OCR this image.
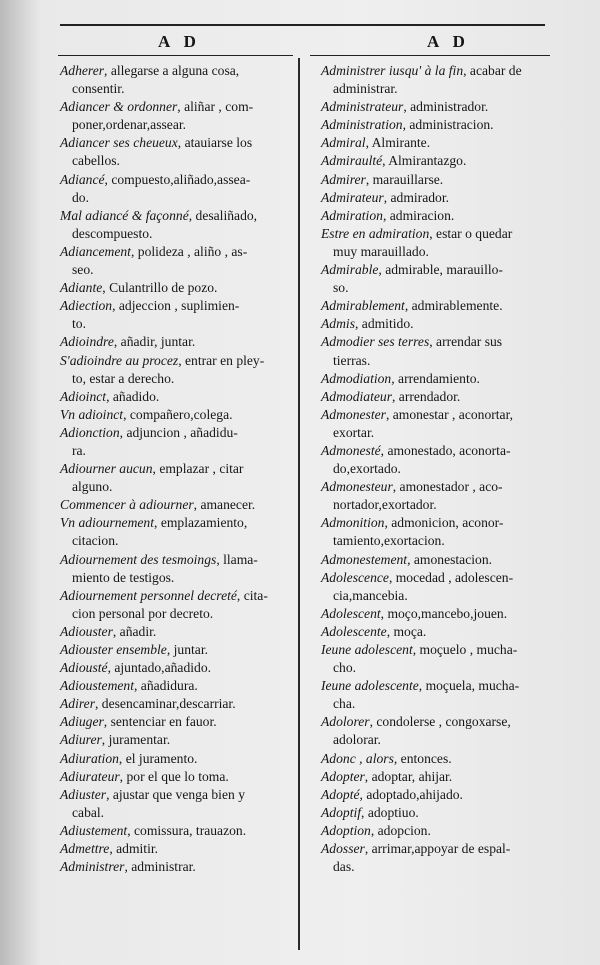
A D	A D
Adherer, allegarse a alguna cosa,
consentir.
Adiancer & ordonner, aliñar , com-
poner,ordenar,assear.
Adiancer ses cheueux, atauiarse los
cabellos.
Adiancé, compuesto,aliñado,assea-
do.
Mal adiancé & façonné, desaliñado,
descompuesto.
Adiancement, polideza , aliño , as-
seo.
Adiante, Culantrillo de pozo.
Adiection, adjeccion , suplimien-
to.
Adioindre, añadir, juntar.
S'adioindre au procez, entrar en pley-
to, estar a derecho.
Adioinct, añadido.
Vn adioinct, compañero,colega.
Adionction, adjuncion , añadidu-
ra.
Adiourner aucun, emplazar , citar
alguno.
Commencer à adiourner, amanecer.
Vn adiournement, emplazamiento,
citacion.
Adiournement des tesmoings, llama-
miento de testigos.
Adiournement personnel decreté, cita-
cion personal por decreto.
Adiouster, añadir.
Adiouster ensemble, juntar.
Adiousté, ajuntado,añadido.
Adioustement, añadidura.
Adirer, desencaminar,descarriar.
Adiuger, sentenciar en fauor.
Adiurer, juramentar.
Adiuration, el juramento.
Adiurateur, por el que lo toma.
Adiuster, ajustar que venga bien y
cabal.
Adiustement, comissura, trauazon.
Admettre, admitir.
Administrer, administrar.
Administrer iusqu' à la fin, acabar de
administrar.
Administrateur, administrador.
Administration, administracion.
Admiral, Almirante.
Admiraulté, Almirantazgo.
Admirer, marauillarse.
Admirateur, admirador.
Admiration, admiracion.
Estre en admiration, estar o quedar
muy marauillado.
Admirable, admirable, marauillo-
so.
Admirablement, admirablemente.
Admis, admitido.
Admodier ses terres, arrendar sus
tierras.
Admodiation, arrendamiento.
Admodiateur, arrendador.
Admonester, amonestar , aconortar,
exortar.
Admonesté, amonestado, aconorta-
do,exortado.
Admonesteur, amonestador , aco-
nortador,exortador.
Admonition, admonicion, aconor-
tamiento,exortacion.
Admonestement, amonestacion.
Adolescence, mocedad , adolescen-
cia,mancebia.
Adolescent, moço,mancebo,jouen.
Adolescente, moça.
Ieune adolescent, moçuelo , mucha-
cho.
Ieune adolescente, moçuela, mucha-
cha.
Adolorer, condolerse , congoxarse,
adolorar.
Adonc , alors, entonces.
Adopter, adoptar, ahijar.
Adopté, adoptado,ahijado.
Adoptif, adoptiuo.
Adoption, adopcion.
Adosser, arrimar,appoyar de espal-
das.
